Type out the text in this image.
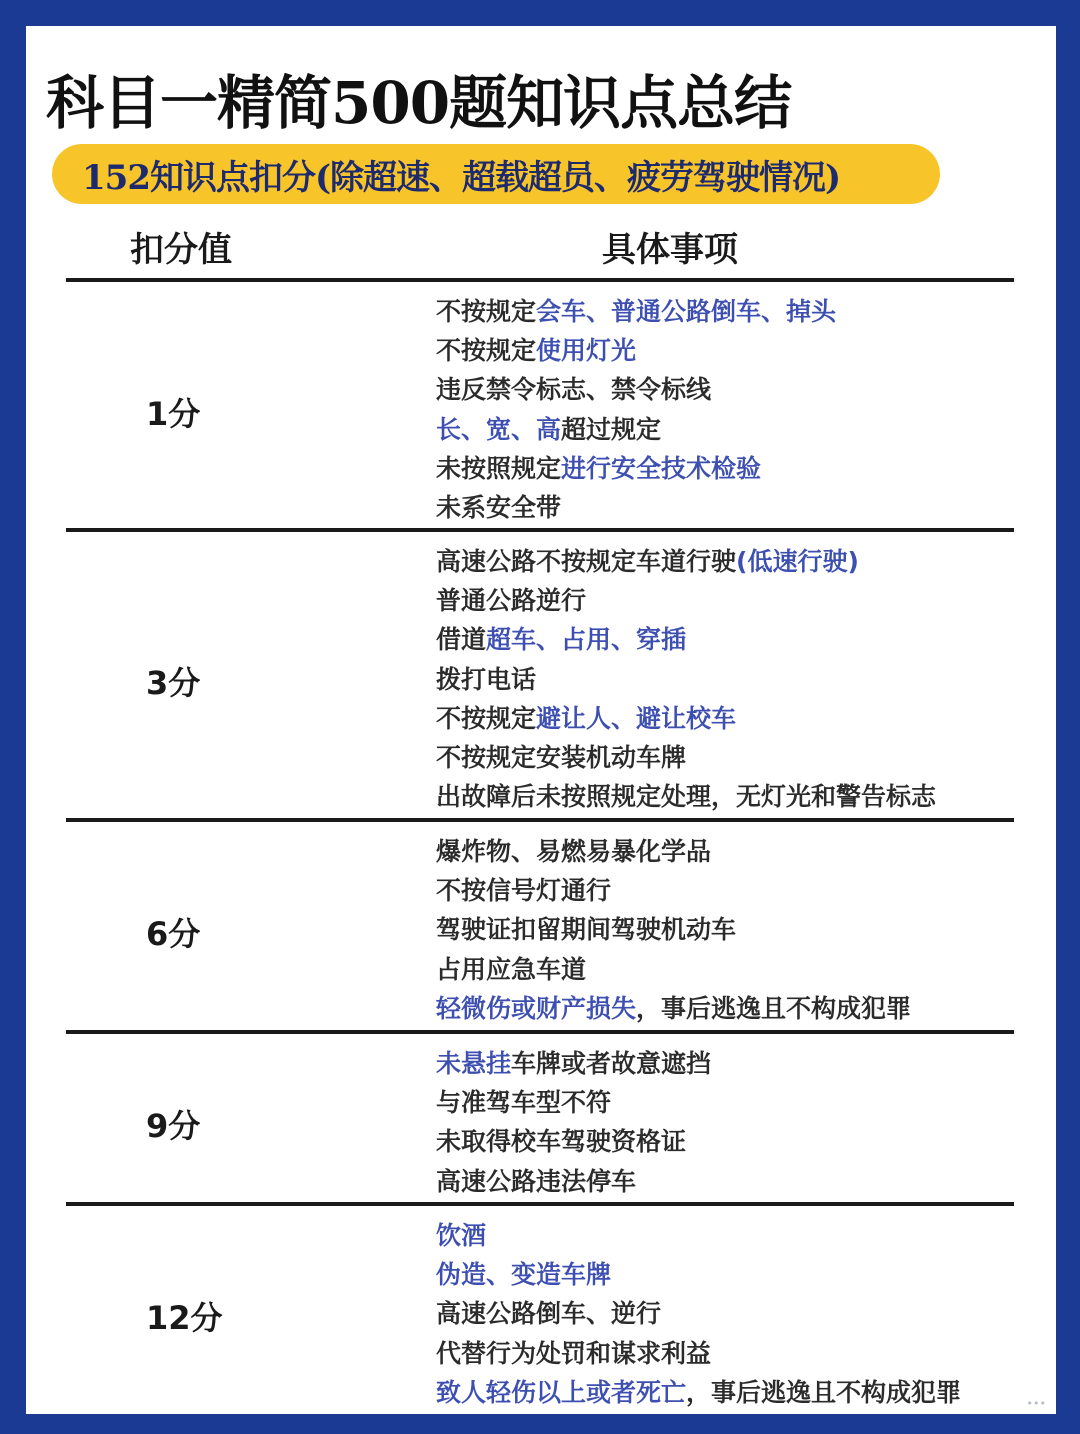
科目一精简500题知识点总结
152知识点扣分(除超速、超载超员、疲劳驾驶情况)
扣分值	具体事项
1分
不按规定会车、普通公路倒车、掉头
不按规定使用灯光
违反禁令标志、禁令标线
长、宽、高超过规定
未按照规定进行安全技术检验
未系安全带
3分
高速公路不按规定车道行驶(低速行驶)
普通公路逆行
借道超车、占用、穿插
拨打电话
不按规定避让人、避让校车
不按规定安装机动车牌
出故障后未按照规定处理，无灯光和警告标志
6分
爆炸物、易燃易暴化学品
不按信号灯通行
驾驶证扣留期间驾驶机动车
占用应急车道
轻微伤或财产损失，事后逃逸且不构成犯罪
9分
未悬挂车牌或者故意遮挡
与准驾车型不符
未取得校车驾驶资格证
高速公路违法停车
12分
饮酒
伪造、变造车牌
高速公路倒车、逆行
代替行为处罚和谋求利益
致人轻伤以上或者死亡，事后逃逸且不构成犯罪	•••
